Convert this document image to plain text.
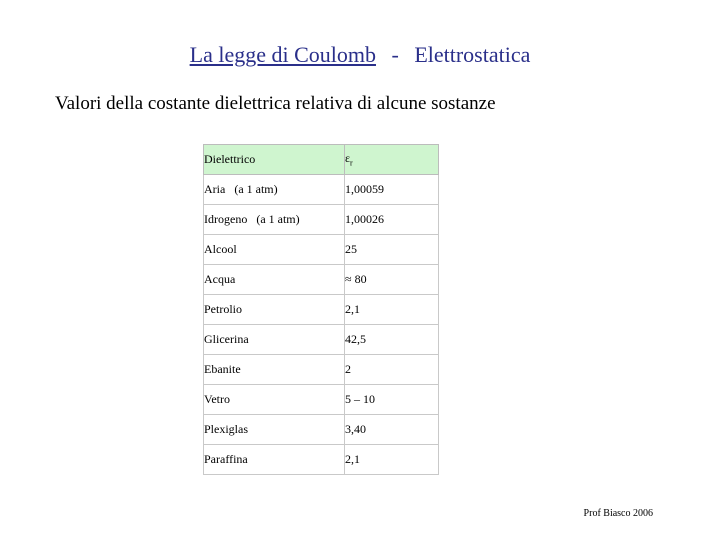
La legge di Coulomb - Elettrostatica
Valori della costante dielettrica relativa di alcune sostanze
Dielettrico	$\varepsilon_r$
Aria   (a 1 atm)	1,00059
Idrogeno   (a 1 atm)	1,00026
Alcool	25
Acqua	≈ 80
Petrolio	2,1
Glicerina	42,5
Ebanite	2
Vetro	5 – 10
Plexiglas	3,40
Paraffina	2,1
Prof Biasco 2006
